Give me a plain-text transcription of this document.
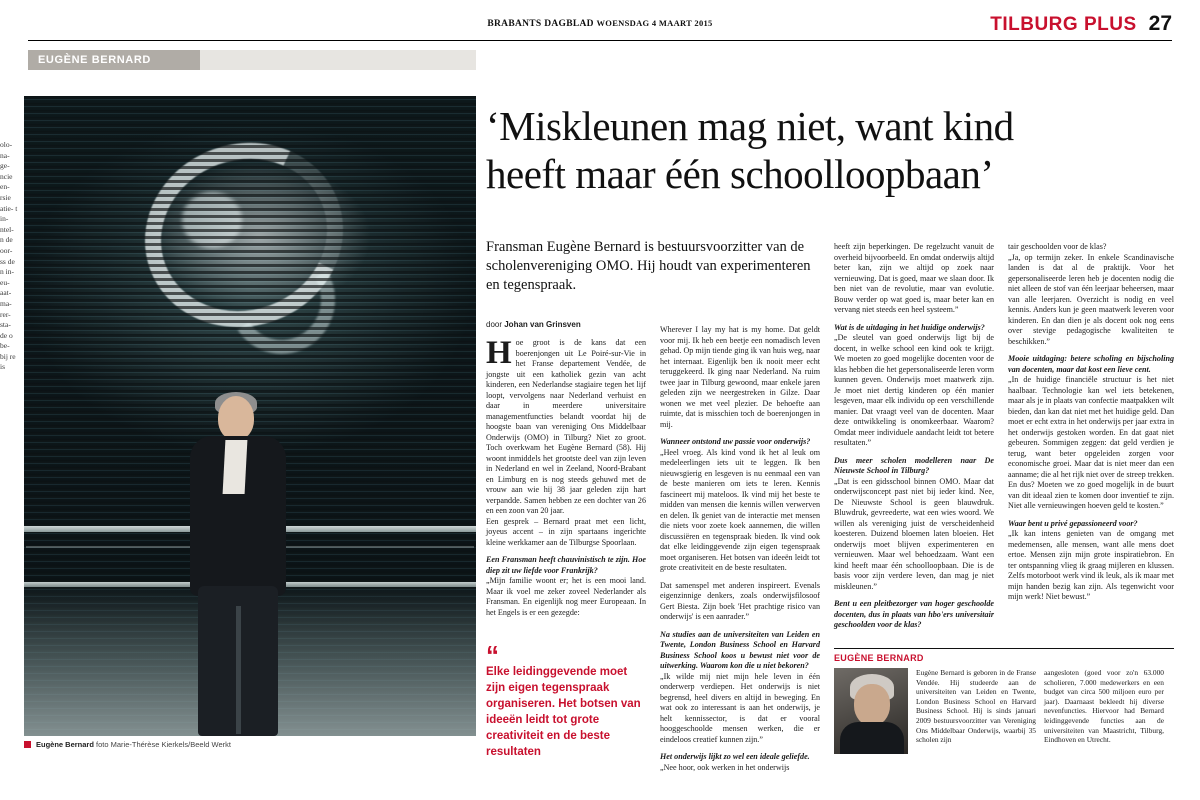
BRABANTS DAGBLAD WOENSDAG 4 MAART 2015	TILBURG PLUS 27
EUGÈNE BERNARD
olo- na- ge- ncie en- rsie atie- t in- ntel- n de oor- ss de n in- eu- aat- ma- rer- sta- de o be- bij re is
Eugène Bernard foto Marie-Thérèse Kierkels/Beeld Werkt
‘Miskleunen mag niet, want kind
heeft maar één schoolloopbaan’
Fransman Eugène Bernard is bestuursvoorzitter van de scholenvereniging OMO. Hij houdt van experimenteren en tegenspraak.
door Johan van Grinsven

Hoe groot is de kans dat een boerenjongen uit Le Poiré-sur-Vie in het Franse departement Vendée, de jongste uit een katholiek gezin van acht kinderen, een Nederlandse stagiaire tegen het lijf loopt, vervolgens naar Nederland verhuist en daar in meerdere universitaire managementfuncties belandt voordat hij de hoogste baan van vereniging Ons Middelbaar Onderwijs (OMO) in Tilburg? Niet zo groot. Toch overkwam het Eugène Bernard (58). Hij woont inmiddels het grootste deel van zijn leven in Nederland en wel in Zeeland, Noord-Brabant en Limburg en is nog steeds gehuwd met de vrouw aan wie hij 38 jaar geleden zijn hart verpandde. Samen hebben ze een dochter van 26 en een zoon van 20 jaar.

Een gesprek – Bernard praat met een licht, joyeus accent – in zijn spartaans ingerichte kleine werkkamer aan de Tilburgse Spoorlaan.

Een Fransman heeft chauvinistisch te zijn. Hoe diep zit uw liefde voor Frankrijk?

„Mijn familie woont er; het is een mooi land. Maar ik voel me zeker zoveel Nederlander als Fransman. En eigenlijk nog meer Europeaan. In het Engels is er een gezegde:

Wherever I lay my hat is my home. Dat geldt voor mij. Ik heb een beetje een nomadisch leven gehad. Op mijn tiende ging ik van huis weg, naar het internaat. Eigenlijk ben ik nooit meer echt teruggekeerd. Ik ging naar Nederland. Na ruim twee jaar in Tilburg gewoond, maar enkele jaren geleden zijn we neergestreken in Gilze. Daar wonen we met veel plezier. De behoefte aan ruimte, dat is misschien toch de boerenjongen in mij.

Wanneer ontstond uw passie voor onderwijs?

„Heel vroeg. Als kind vond ik het al leuk om medeleerlingen iets uit te leggen. Ik ben nieuwsgierig en lesgeven is nu eenmaal een van de beste manieren om iets te leren. Kennis fascineert mij mateloos. Ik vind mij het beste te midden van mensen die kennis willen verwerven en delen. Ik geniet van de interactie met mensen die niets voor zoete koek aannemen, die willen discussiëren en tegenspraak bieden. Ik vind ook dat elke leidinggevende zijn eigen tegenspraak moet organiseren. Het botsen van ideeën leidt tot grote creativiteit en de beste resultaten.

Dat samenspel met anderen inspireert. Evenals eigenzinnige denkers, zoals onderwijsfilosoof Gert Biesta. Zijn boek 'Het prachtige risico van onderwijs' is een aanrader.”

Na studies aan de universiteiten van Leiden en Twente, London Business School en Harvard Business School koos u bewust niet voor de uitwerking. Waarom kon die u niet bekoren?

„Ik wilde mij niet mijn hele leven in één onderwerp verdiepen. Het onderwijs is niet begrensd, heel divers en altijd in beweging. En wat ook zo interessant is aan het onderwijs, je helt kennissector, is dat er vooral hooggeschoolde mensen werken, die er eindeloos creatief kunnen zijn.”

Het onderwijs lijkt zo wel een ideale geliefde.

„Nee hoor, ook werken in het onderwijs

heeft zijn beperkingen. De regelzucht vanuit de overheid bijvoorbeeld. En omdat onderwijs altijd beter kan, zijn we altijd op zoek naar vernieuwing. Dat is goed, maar we slaan door. Ik ben niet van de revolutie, maar van evolutie. Bouw verder op wat goed is, maar beter kan en vervang niet steeds een heel systeem.”

Wat is de uitdaging in het huidige onderwijs?

„De sleutel van goed onderwijs ligt bij de docent, in welke school een kind ook te krijgt. We moeten zo goed mogelijke docenten voor de klas hebben die het gepersonaliseerde leren vorm kunnen geven. Onderwijs moet maatwerk zijn. Je moet niet dertig kinderen op één manier lesgeven, maar elk individu op een verschillende manier. Dat vraagt veel van de docenten. Maar deze ontwikkeling is onomkeerbaar. Waarom? Omdat meer individuele aandacht leidt tot betere resultaten.”

Dus meer scholen modelleren naar De Nieuwste School in Tilburg?

„Dat is een gidsschool binnen OMO. Maar dat onderwijsconcept past niet bij ieder kind. Nee, De Nieuwste School is geen blauwdruk. Bluwdruk, gevreederte, wat een wies woord. We willen als vereniging juist de verscheidenheid koesteren. Duizend bloemen laten bloeien. Het onderwijs moet blijven experimenteren en vernieuwen. Maar wel behoedzaam. Want een kind heeft maar één schoolloopbaan. Die is de basis voor zijn verdere leven, dan mag je niet miskleunen.”

Bent u een pleitbezorger van hoger geschoolde docenten, dus in plaats van hbo'ers universitair geschoolden voor de klas?

tair geschoolden voor de klas?

„Ja, op termijn zeker. In enkele Scandinavische landen is dat al de praktijk. Voor het gepersonaliseerde leren heb je docenten nodig die niet alleen de stof van één leerjaar beheersen, maar van alle leerjaren. Overzicht is nodig en veel kennis. Anders kun je geen maatwerk leveren voor kinderen. En dan dien je als docent ook nog eens over stevige pedagogische kwaliteiten te beschikken.”

Mooie uitdaging: betere scholing en bijscholing van docenten, maar dat kost een lieve cent.

„In de huidige financiële structuur is het niet haalbaar. Technologie kan wel iets betekenen, maar als je in plaats van confectie maatpakken wilt bieden, dan kan dat niet met het huidige geld. Dan moet er echt extra in het onderwijs per jaar extra in het onderwijs gestoken worden. En dat gaat niet gebeuren. Sommigen zeggen: dat geld verdien je terug, want beter opgeleiden zorgen voor economische groei. Maar dat is niet meer dan een aanname; die al het rijk niet over de streep trekken. En dus? Moeten we zo goed mogelijk in de buurt van dit ideaal zien te komen door inventief te zijn. Niet alle vernieuwingen hoeven geld te kosten.”

Waar bent u privé gepassioneerd voor?

„Ik kan intens genieten van de omgang met medemensen, alle mensen, want alle mens doet ertoe. Mensen zijn mijn grote inspiratiebron. En ter ontspanning vlieg ik graag mijleren en klussen. Zelfs motorboot werk vind ik leuk, als ik maar met mijn handen bezig kan zijn. Als tegenwicht voor mijn werk! Niet bewust.”

“
Elke leidinggevende moet zijn eigen tegenspraak organiseren. Het botsen van ideeën leidt tot grote creativiteit en de beste resultaten
EUGÈNE BERNARD
Eugène Bernard is geboren in de Franse Vendée. Hij studeerde aan de universiteiten van Leiden en Twente, London Business School en Harvard Business School. Hij is sinds januari 2009 bestuursvoorzitter van Vereniging Ons Middelbaar Onderwijs, waarbij 35 scholen zijn
aangesloten (goed voor zo'n 63.000 scholieren, 7.000 medewerkers en een budget van circa 500 miljoen euro per jaar). Daarnaast bekleedt hij diverse nevenfuncties. Hiervoor had Bernard leidinggevende functies aan de universiteiten van Maastricht, Tilburg, Eindhoven en Utrecht.
